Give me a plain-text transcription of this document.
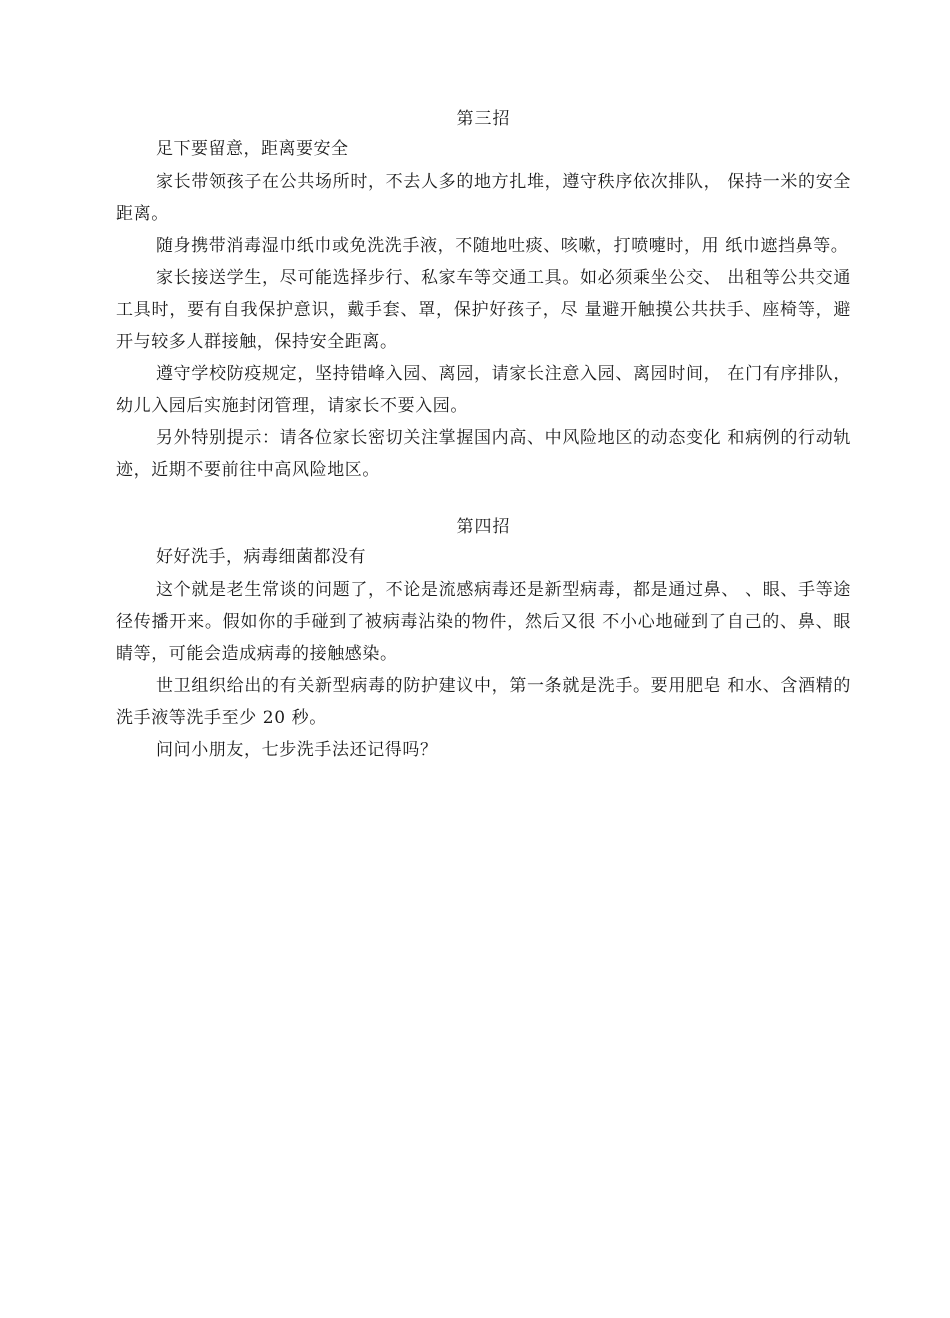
第三招
足下要留意，距离要安全

家长带领孩子在公共场所时，不去人多的地方扎堆，遵守秩序依次排队， 保持一米的安全距离。

随身携带消毒湿巾纸巾或免洗洗手液，不随地吐痰、咳嗽，打喷嚏时，用 纸巾遮挡鼻等。

家长接送学生，尽可能选择步行、私家车等交通工具。如必须乘坐公交、 出租等公共交通工具时，要有自我保护意识，戴手套、罩，保护好孩子，尽 量避开触摸公共扶手、座椅等，避开与较多人群接触，保持安全距离。

遵守学校防疫规定，坚持错峰入园、离园，请家长注意入园、离园时间， 在门有序排队，幼儿入园后实施封闭管理，请家长不要入园。

另外特别提示：请各位家长密切关注掌握国内高、中风险地区的动态变化 和病例的行动轨迹，近期不要前往中高风险地区。

第四招
好好洗手，病毒细菌都没有

这个就是老生常谈的问题了，不论是流感病毒还是新型病毒，都是通过鼻、 、眼、手等途径传播开来。假如你的手碰到了被病毒沾染的物件，然后又很 不小心地碰到了自己的、鼻、眼睛等，可能会造成病毒的接触感染。

世卫组织给出的有关新型病毒的防护建议中，第一条就是洗手。要用肥皂 和水、含酒精的洗手液等洗手至少 20 秒。

问问小朋友，七步洗手法还记得吗？
